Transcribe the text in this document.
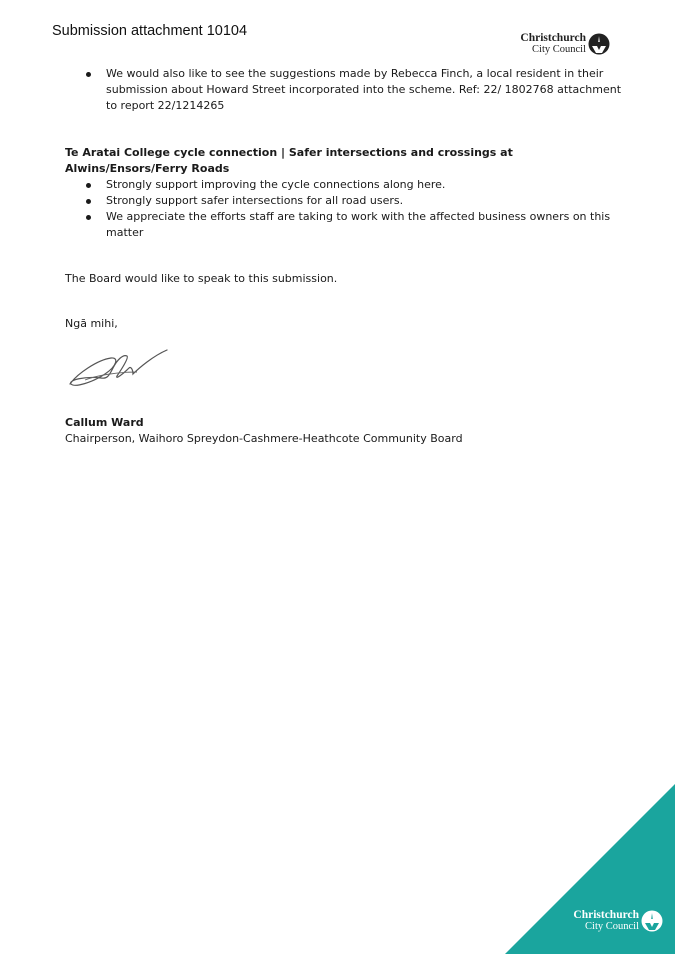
Submission attachment 10104	Christchurch
City Council
We would also like to see the suggestions made by Rebecca Finch, a local resident in their submission about Howard Street incorporated into the scheme. Ref: 22/ 1802768 attachment to report 22/1214265
Te Aratai College cycle connection | Safer intersections and crossings at Alwins/Ensors/Ferry Roads
Strongly support improving the cycle connections along here.
Strongly support safer intersections for all road users.
We appreciate the efforts staff are taking to work with the affected business owners on this matter
The Board would like to speak to this submission.
Ngā mihi,
Callum Ward
Chairperson, Waihoro Spreydon-Cashmere-Heathcote Community Board
Christchurch
City Council
